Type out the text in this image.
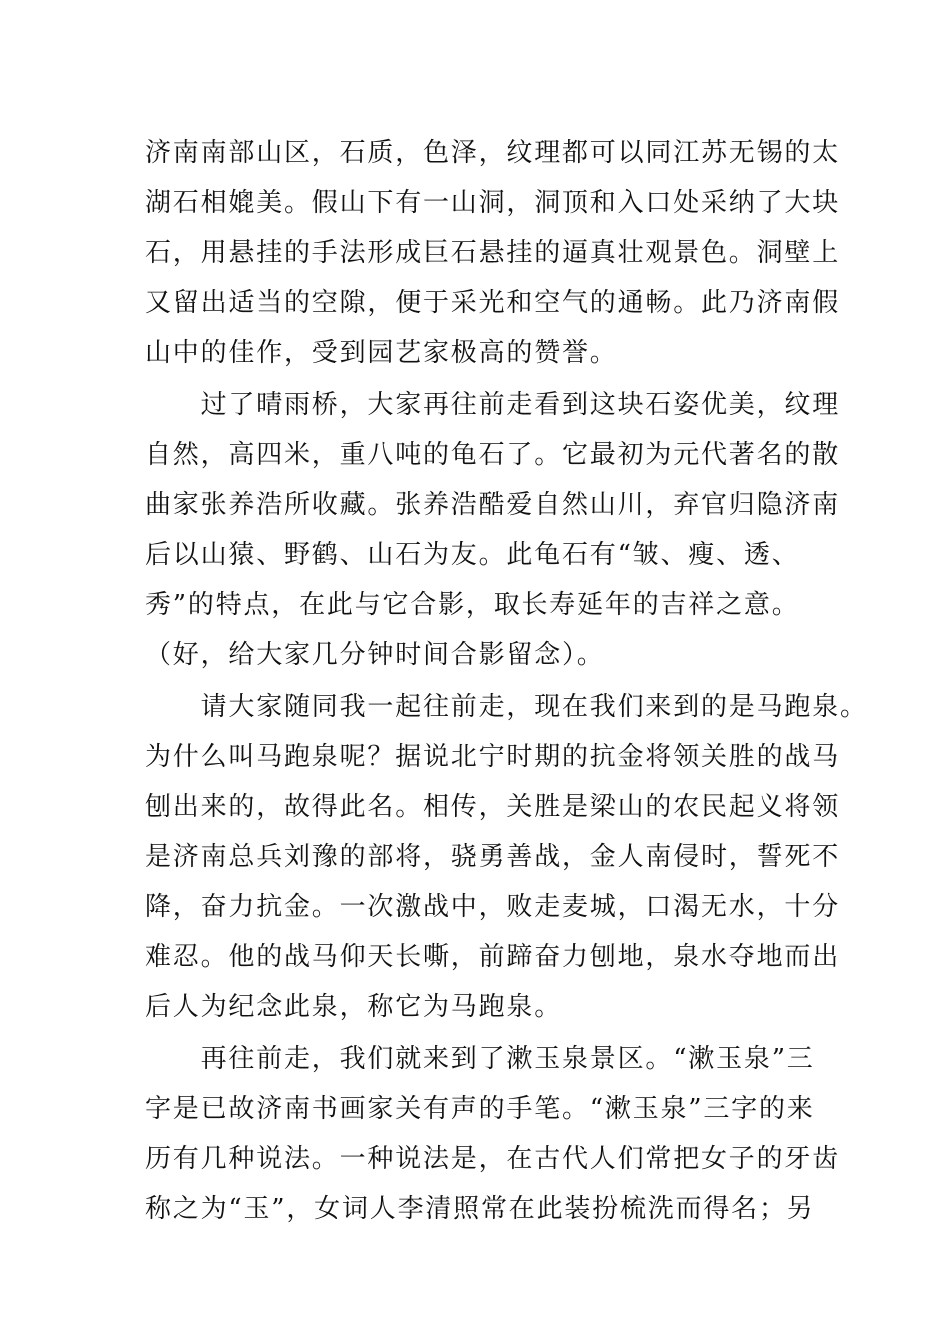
济南南部山区，石质，色泽，纹理都可以同江苏无锡的太
湖石相媲美。假山下有一山洞，洞顶和入口处采纳了大块
石，用悬挂的手法形成巨石悬挂的逼真壮观景色。洞壁上
又留出适当的空隙，便于采光和空气的通畅。此乃济南假
山中的佳作，受到园艺家极高的赞誉。
　　过了晴雨桥，大家再往前走看到这块石姿优美，纹理
自然，高四米，重八吨的龟石了。它最初为元代著名的散
曲家张养浩所收藏。张养浩酷爱自然山川，弃官归隐济南
后以山猿、野鹤、山石为友。此龟石有“皱、瘦、透、
秀”的特点，在此与它合影，取长寿延年的吉祥之意。
（好，给大家几分钟时间合影留念）。
　　请大家随同我一起往前走，现在我们来到的是马跑泉。
为什么叫马跑泉呢？据说北宁时期的抗金将领关胜的战马
刨出来的，故得此名。相传，关胜是梁山的农民起义将领
是济南总兵刘豫的部将，骁勇善战，金人南侵时，誓死不
降，奋力抗金。一次激战中，败走麦城，口渴无水，十分
难忍。他的战马仰天长嘶，前蹄奋力刨地，泉水夺地而出
后人为纪念此泉，称它为马跑泉。
　　再往前走，我们就来到了漱玉泉景区。“漱玉泉”三
字是已故济南书画家关有声的手笔。“漱玉泉”三字的来
历有几种说法。一种说法是，在古代人们常把女子的牙齿
称之为“玉”，女词人李清照常在此装扮梳洗而得名；另
